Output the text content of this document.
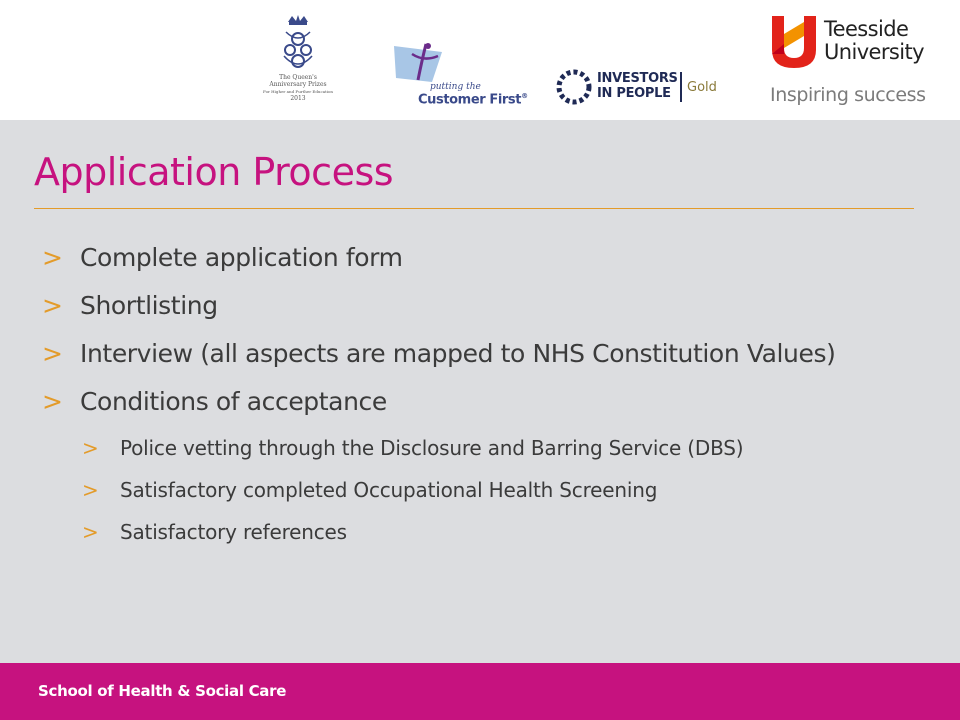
The Queen's
Anniversary Prizes
For Higher and Further Education
2013
putting the
Customer First®
INVESTORS
IN PEOPLE Gold
Teesside
University
Inspiring success
Application Process
> Complete application form
> Shortlisting
> Interview (all aspects are mapped to NHS Constitution Values)
> Conditions of acceptance
> Police vetting through the Disclosure and Barring Service (DBS)
> Satisfactory completed Occupational Health Screening
> Satisfactory references
School of Health & Social Care
